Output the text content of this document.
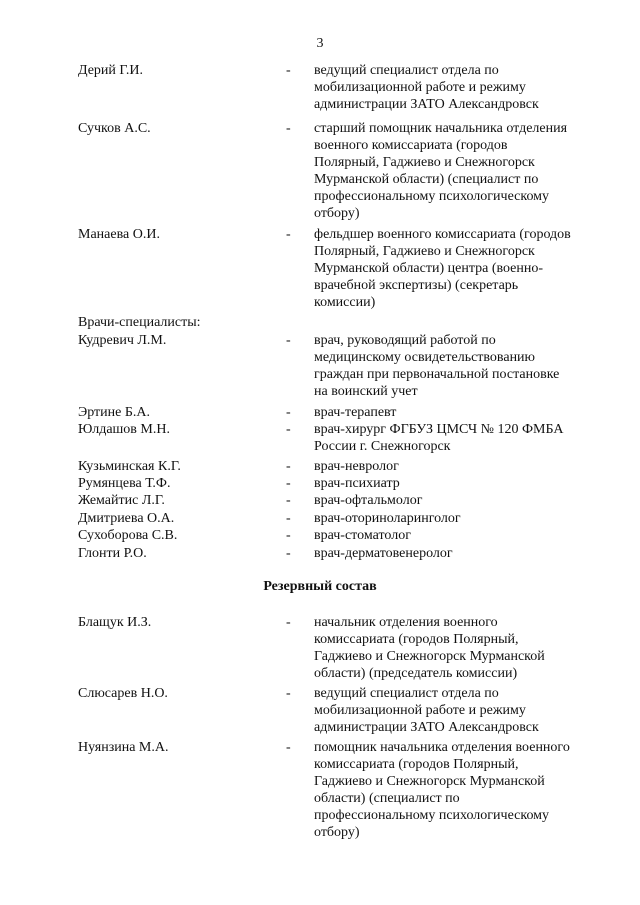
3
Дерий Г.И.	- ведущий специалист отдела по
мобилизационной работе и режиму
администрации ЗАТО Александровск
Сучков А.С.	- старший помощник начальника отделения
военного комиссариата (городов
Полярный, Гаджиево и Снежногорск
Мурманской области) (специалист по
профессиональному психологическому
отбору)
Манаева О.И.	- фельдшер военного комиссариата (городов
Полярный, Гаджиево и Снежногорск
Мурманской области) центра (военно-
врачебной экспертизы) (секретарь
комиссии)
Врачи-специалисты:
Кудревич Л.М.	- врач, руководящий работой по
медицинскому освидетельствованию
граждан при первоначальной постановке
на воинский учет
Эртине Б.А.	- врач-терапевт
Юлдашов М.Н.	- врач-хирург ФГБУЗ ЦМСЧ № 120 ФМБА
России г. Снежногорск
Кузьминская К.Г.	- врач-невролог
Румянцева Т.Ф.	- врач-психиатр
Жемайтис Л.Г.	- врач-офтальмолог
Дмитриева О.А.	- врач-оториноларинголог
Сухоборова С.В.	- врач-стоматолог
Глонти Р.О.	- врач-дерматовенеролог
Резервный состав
Блащук И.З.	- начальник отделения военного
комиссариата (городов Полярный,
Гаджиево и Снежногорск Мурманской
области) (председатель комиссии)
Слюсарев Н.О.	- ведущий специалист отдела по
мобилизационной работе и режиму
администрации ЗАТО Александровск
Нуянзина М.А.	- помощник начальника отделения военного
комиссариата (городов Полярный,
Гаджиево и Снежногорск Мурманской
области) (специалист по
профессиональному психологическому
отбору)
